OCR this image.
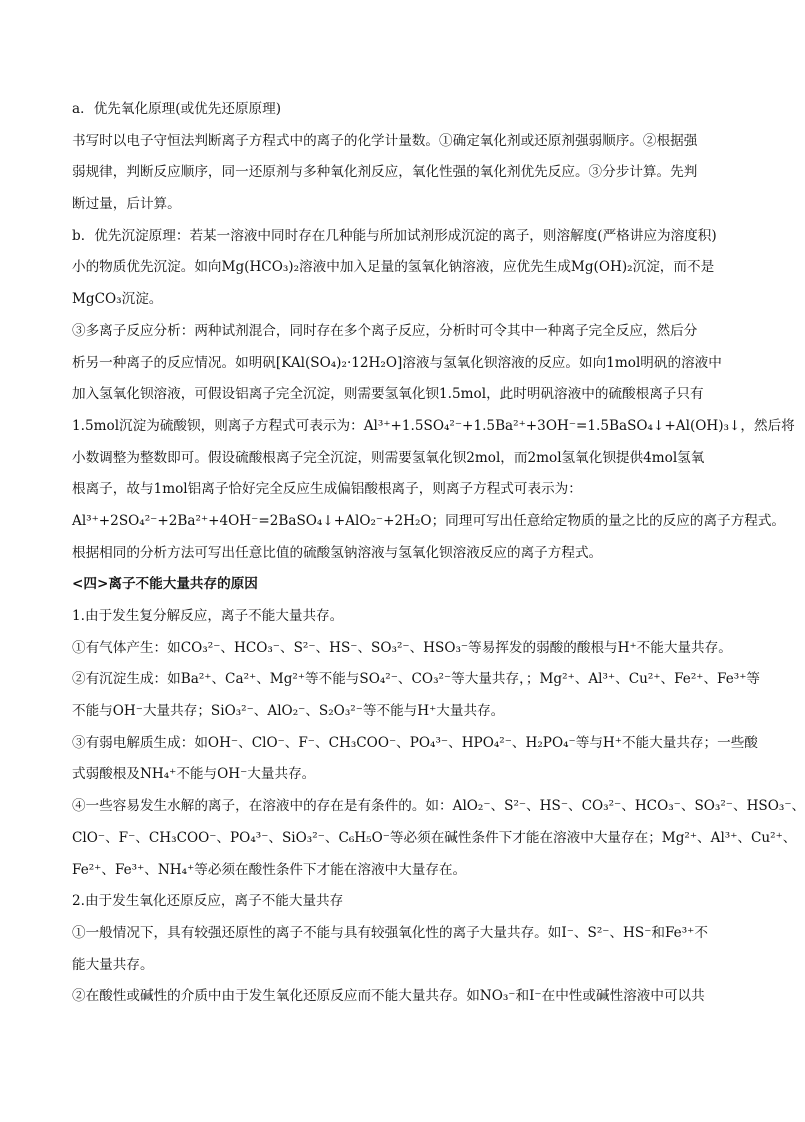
a．优先氧化原理(或优先还原原理)
书写时以电子守恒法判断离子方程式中的离子的化学计量数。①确定氧化剂或还原剂强弱顺序。②根据强
弱规律，判断反应顺序，同一还原剂与多种氧化剂反应，氧化性强的氧化剂优先反应。③分步计算。先判
断过量，后计算。
b．优先沉淀原理：若某一溶液中同时存在几种能与所加试剂形成沉淀的离子，则溶解度(严格讲应为溶度积)
小的物质优先沉淀。如向Mg(HCO₃)₂溶液中加入足量的氢氧化钠溶液，应优先生成Mg(OH)₂沉淀，而不是
MgCO₃沉淀。
③多离子反应分析：两种试剂混合，同时存在多个离子反应，分析时可令其中一种离子完全反应，然后分
析另一种离子的反应情况。如明矾[KAl(SO₄)₂·12H₂O]溶液与氢氧化钡溶液的反应。如向1mol明矾的溶液中
加入氢氧化钡溶液，可假设铝离子完全沉淀，则需要氢氧化钡1.5mol，此时明矾溶液中的硫酸根离子只有
1.5mol沉淀为硫酸钡，则离子方程式可表示为：Al³⁺+1.5SO₄²⁻+1.5Ba²⁺+3OH⁻=1.5BaSO₄↓+Al(OH)₃↓，然后将
小数调整为整数即可。假设硫酸根离子完全沉淀，则需要氢氧化钡2mol，而2mol氢氧化钡提供4mol氢氧
根离子，故与1mol铝离子恰好完全反应生成偏铝酸根离子，则离子方程式可表示为：
Al³⁺+2SO₄²⁻+2Ba²⁺+4OH⁻=2BaSO₄↓+AlO₂⁻+2H₂O；同理可写出任意给定物质的量之比的反应的离子方程式。
根据相同的分析方法可写出任意比值的硫酸氢钠溶液与氢氧化钡溶液反应的离子方程式。
<四>离子不能大量共存的原因
1.由于发生复分解反应，离子不能大量共存。
①有气体产生：如CO₃²⁻、HCO₃⁻、S²⁻、HS⁻、SO₃²⁻、HSO₃⁻等易挥发的弱酸的酸根与H⁺不能大量共存。
②有沉淀生成：如Ba²⁺、Ca²⁺、Mg²⁺等不能与SO₄²⁻、CO₃²⁻等大量共存，；Mg²⁺、Al³⁺、Cu²⁺、Fe²⁺、Fe³⁺等
不能与OH⁻大量共存；SiO₃²⁻、AlO₂⁻、S₂O₃²⁻等不能与H⁺大量共存。
③有弱电解质生成：如OH⁻、ClO⁻、F⁻、CH₃COO⁻、PO₄³⁻、HPO₄²⁻、H₂PO₄⁻等与H⁺不能大量共存；一些酸
式弱酸根及NH₄⁺不能与OH⁻大量共存。
④一些容易发生水解的离子，在溶液中的存在是有条件的。如：AlO₂⁻、S²⁻、HS⁻、CO₃²⁻、HCO₃⁻、SO₃²⁻、HSO₃⁻、
ClO⁻、F⁻、CH₃COO⁻、PO₄³⁻、SiO₃²⁻、C₆H₅O⁻等必须在碱性条件下才能在溶液中大量存在；Mg²⁺、Al³⁺、Cu²⁺、
Fe²⁺、Fe³⁺、NH₄⁺等必须在酸性条件下才能在溶液中大量存在。
2.由于发生氧化还原反应，离子不能大量共存
①一般情况下，具有较强还原性的离子不能与具有较强氧化性的离子大量共存。如I⁻、S²⁻、HS⁻和Fe³⁺不
能大量共存。
②在酸性或碱性的介质中由于发生氧化还原反应而不能大量共存。如NO₃⁻和I⁻在中性或碱性溶液中可以共
